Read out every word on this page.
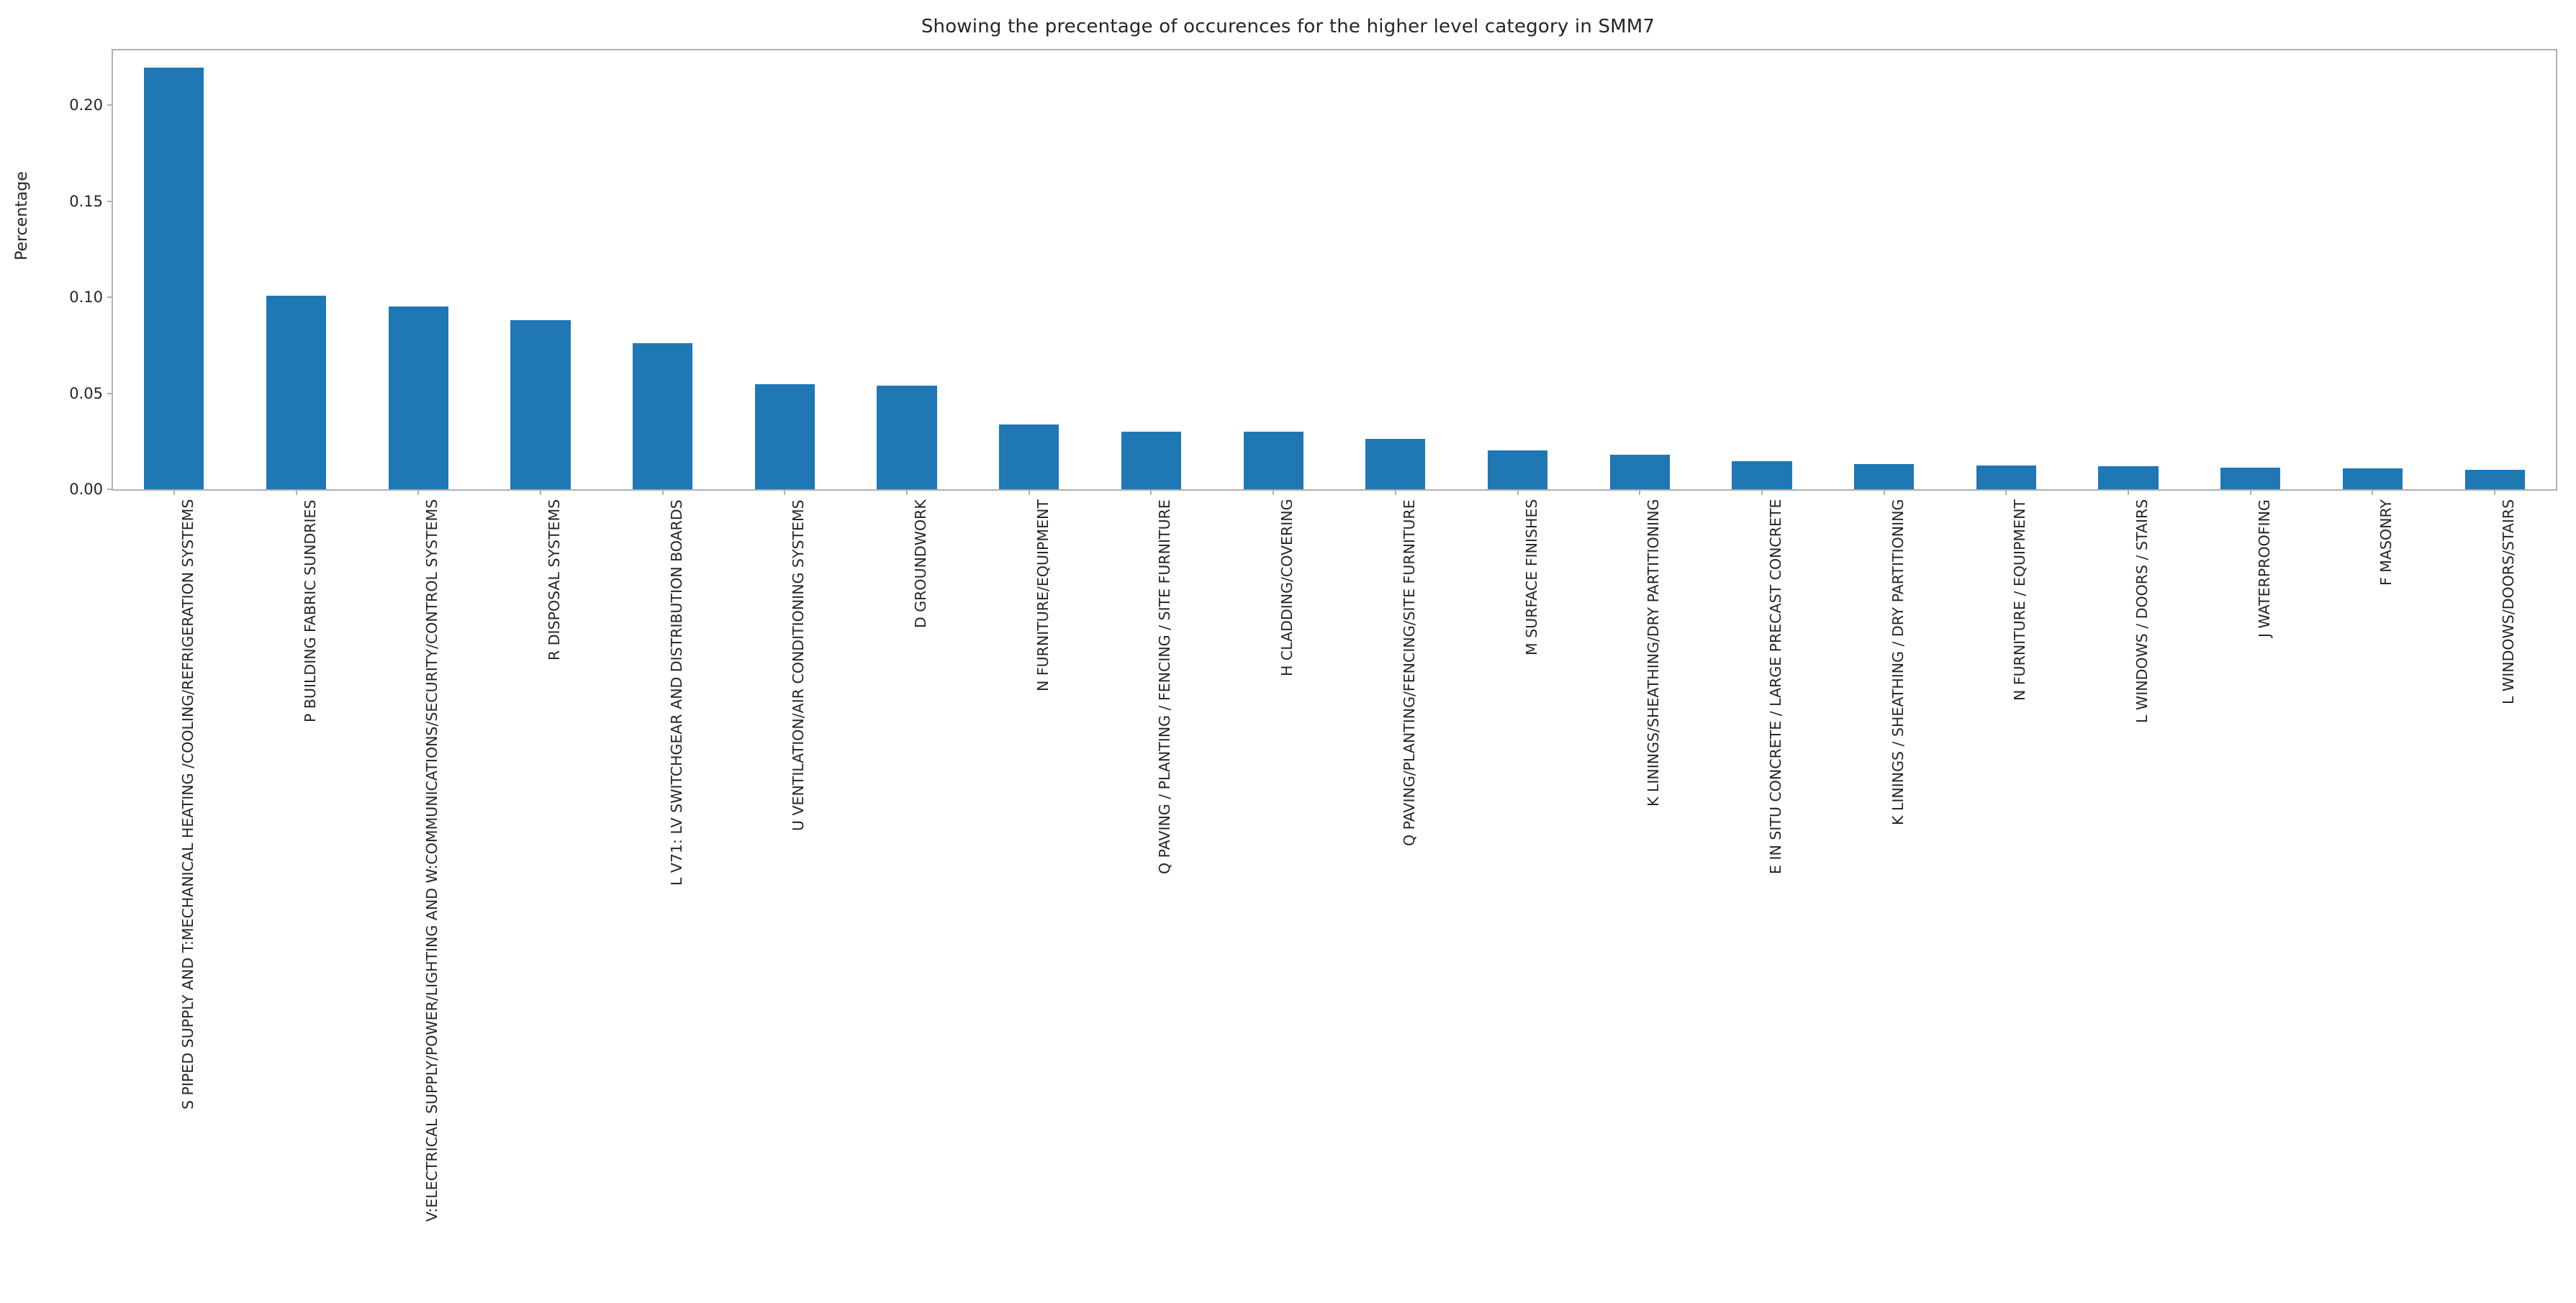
Showing the precentage of occurences for the higher level category in SMM7
Percentage
0.00
0.05
0.10
0.15
0.20
S PIPED SUPPLY AND T:MECHANICAL HEATING /COOLING/REFRIGERATION SYSTEMS	P BUILDING FABRIC SUNDRIES	V:ELECTRICAL SUPPLY/POWER/LIGHTING AND W:COMMUNICATIONS/SECURITY/CONTROL SYSTEMS	R DISPOSAL SYSTEMS	L V71: LV SWITCHGEAR AND DISTRIBUTION BOARDS	U VENTILATION/AIR CONDITIONING SYSTEMS	D GROUNDWORK	N FURNITURE/EQUIPMENT	Q PAVING / PLANTING / FENCING / SITE FURNITURE	H CLADDING/COVERING	Q PAVING/PLANTING/FENCING/SITE FURNITURE	M SURFACE FINISHES	K LININGS/SHEATHING/DRY PARTITIONING	E IN SITU CONCRETE / LARGE PRECAST CONCRETE	K LININGS / SHEATHING / DRY PARTITIONING	N FURNITURE / EQUIPMENT	L WINDOWS / DOORS / STAIRS	J WATERPROOFING	F MASONRY	L WINDOWS/DOORS/STAIRS
